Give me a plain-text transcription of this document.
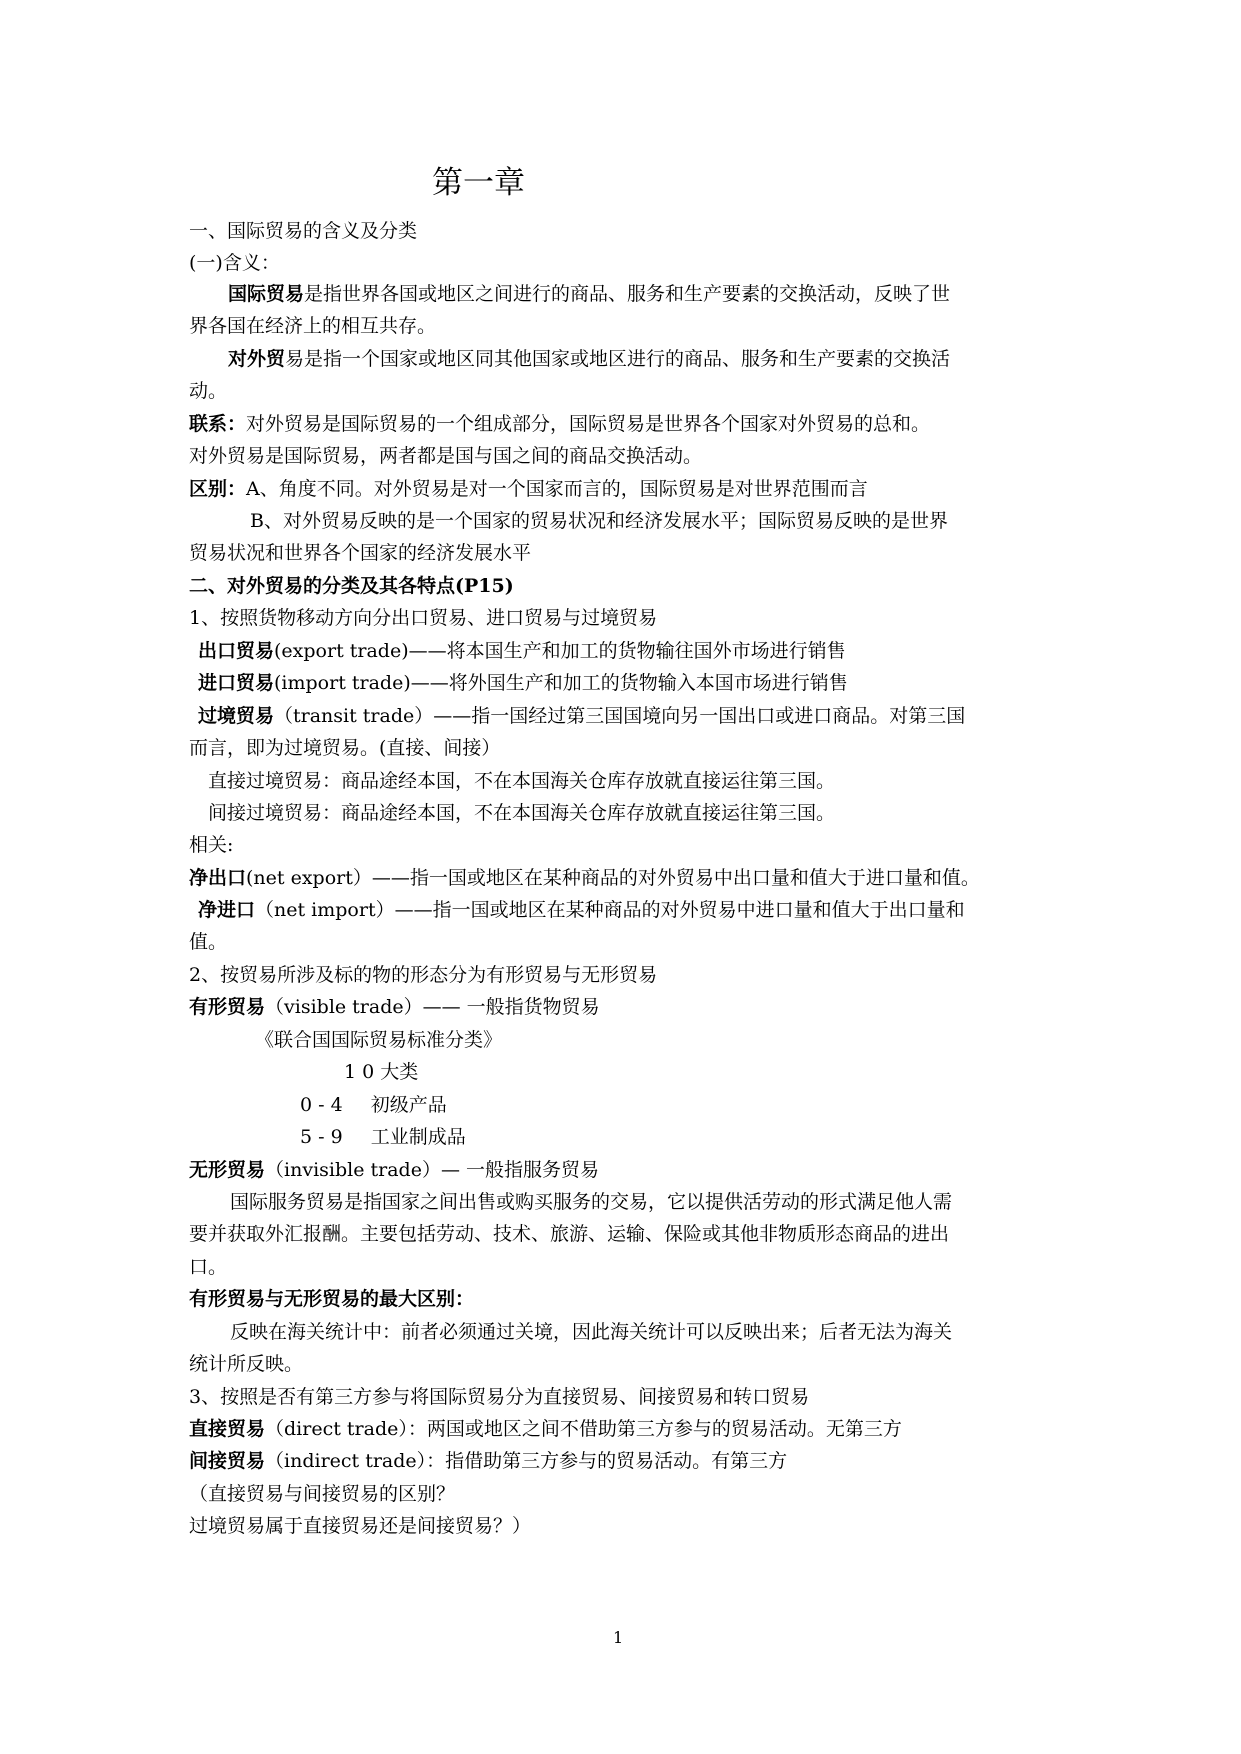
第一章
一、国际贸易的含义及分类
(一)含义：
国际贸易是指世界各国或地区之间进行的商品、服务和生产要素的交换活动，反映了世
界各国在经济上的相互共存。
对外贸易是指一个国家或地区同其他国家或地区进行的商品、服务和生产要素的交换活
动。
联系：对外贸易是国际贸易的一个组成部分，国际贸易是世界各个国家对外贸易的总和。
对外贸易是国际贸易，两者都是国与国之间的商品交换活动。
区别：A、角度不同。对外贸易是对一个国家而言的，国际贸易是对世界范围而言
B、对外贸易反映的是一个国家的贸易状况和经济发展水平；国际贸易反映的是世界
贸易状况和世界各个国家的经济发展水平
二、对外贸易的分类及其各特点(P15)
1、按照货物移动方向分出口贸易、进口贸易与过境贸易
出口贸易(export trade)——将本国生产和加工的货物输往国外市场进行销售
进口贸易(import trade)——将外国生产和加工的货物输入本国市场进行销售
过境贸易（transit trade）——指一国经过第三国国境向另一国出口或进口商品。对第三国
而言，即为过境贸易。(直接、间接）
直接过境贸易：商品途经本国，不在本国海关仓库存放就直接运往第三国。
间接过境贸易：商品途经本国，不在本国海关仓库存放就直接运往第三国。
相关:
净出口(net export）——指一国或地区在某种商品的对外贸易中出口量和值大于进口量和值。
净进口（net import）——指一国或地区在某种商品的对外贸易中进口量和值大于出口量和
值。
2、按贸易所涉及标的物的形态分为有形贸易与无形贸易
有形贸易（visible trade）—— 一般指货物贸易
《联合国国际贸易标准分类》
1 0 大类
0 - 4 初级产品
5 - 9 工业制成品
无形贸易（invisible trade）— 一般指服务贸易
国际服务贸易是指国家之间出售或购买服务的交易，它以提供活劳动的形式满足他人需
要并获取外汇报酬。主要包括劳动、技术、旅游、运输、保险或其他非物质形态商品的进出
口。
有形贸易与无形贸易的最大区别：
反映在海关统计中：前者必须通过关境，因此海关统计可以反映出来；后者无法为海关
统计所反映。
3、按照是否有第三方参与将国际贸易分为直接贸易、间接贸易和转口贸易
直接贸易（direct trade）：两国或地区之间不借助第三方参与的贸易活动。无第三方
间接贸易（indirect trade）：指借助第三方参与的贸易活动。有第三方
（直接贸易与间接贸易的区别？
过境贸易属于直接贸易还是间接贸易？）
1
